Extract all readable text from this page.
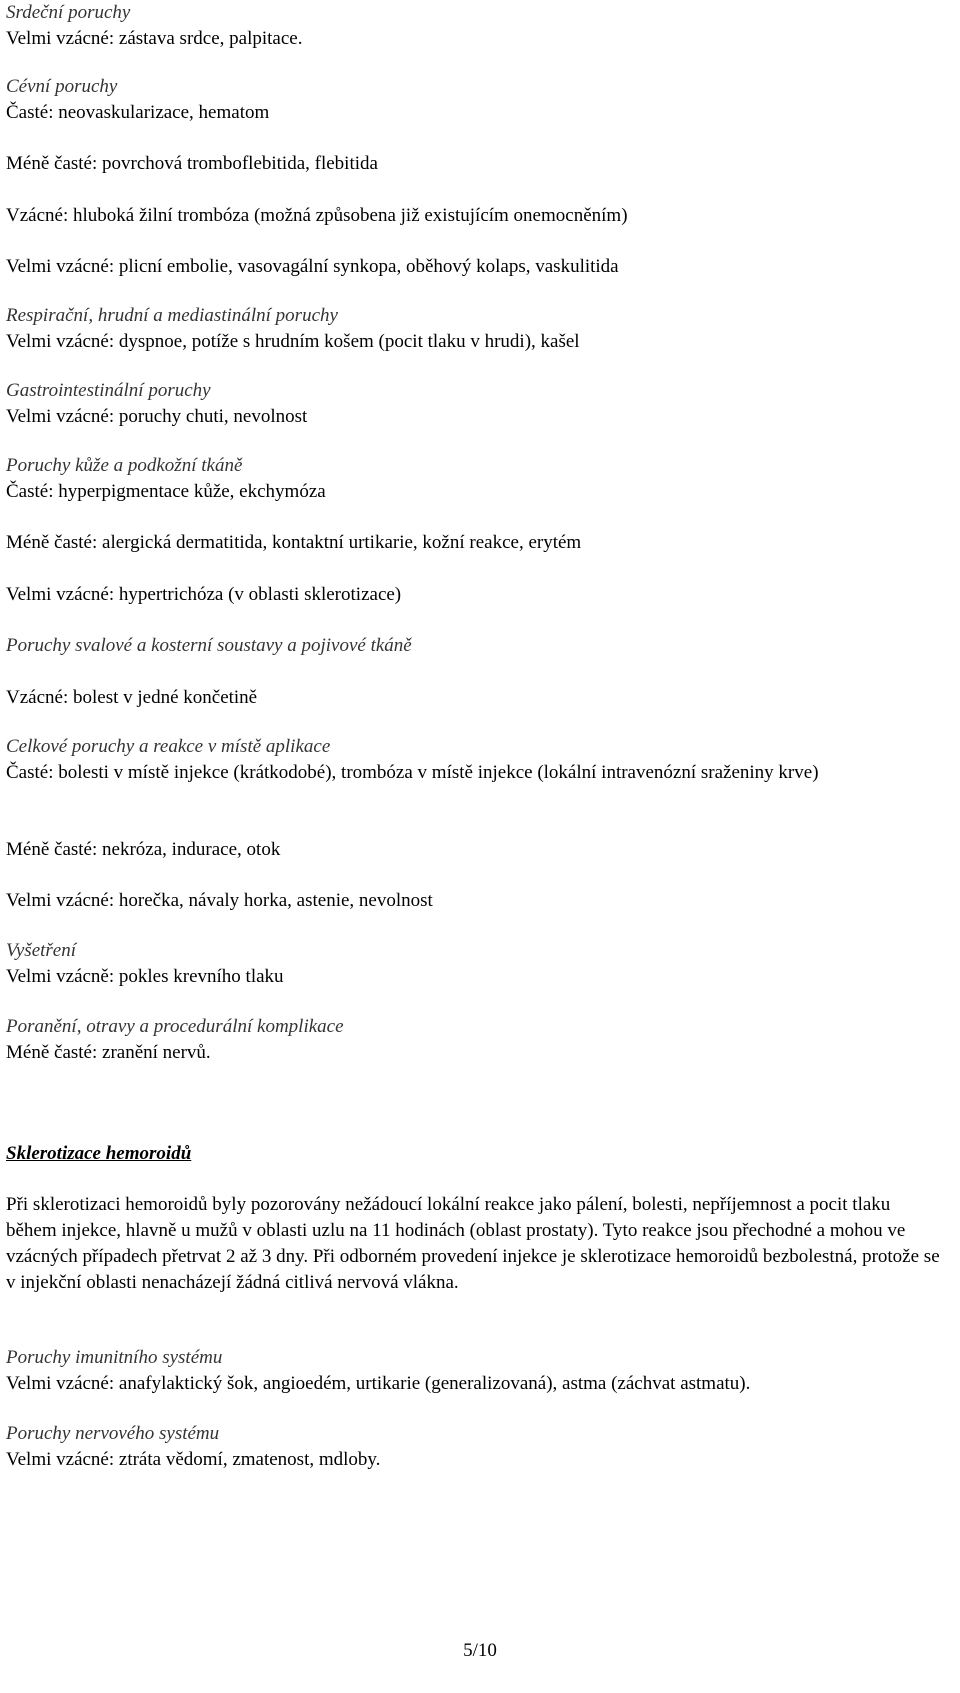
Srdeční poruchy
Velmi vzácné: zástava srdce, palpitace.
Cévní poruchy
Časté: neovaskularizace, hematom
Méně časté: povrchová tromboflebitida, flebitida
Vzácné: hluboká žilní trombóza (možná způsobena již existujícím onemocněním)
Velmi vzácné: plicní embolie, vasovagální synkopa, oběhový kolaps, vaskulitida
Respirační, hrudní a mediastinální poruchy
Velmi vzácné: dyspnoe, potíže s hrudním košem (pocit tlaku v hrudi), kašel
Gastrointestinální poruchy
Velmi vzácné: poruchy chuti, nevolnost
Poruchy kůže a podkožní tkáně
Časté: hyperpigmentace kůže, ekchymóza
Méně časté: alergická dermatitida, kontaktní urtikarie, kožní reakce, erytém
Velmi vzácné: hypertrichóza (v oblasti sklerotizace)
Poruchy svalové a kosterní soustavy a pojivové tkáně
Vzácné: bolest v jedné končetině
Celkové poruchy a reakce v místě aplikace
Časté: bolesti v místě injekce (krátkodobé), trombóza v místě injekce (lokální intravenózní sraženiny krve)
Méně časté: nekróza, indurace, otok
Velmi vzácné: horečka, návaly horka, astenie, nevolnost
Vyšetření
Velmi vzácně: pokles krevního tlaku
Poranění, otravy a procedurální komplikace
Méně časté: zranění nervů.
Sklerotizace hemoroidů

Při sklerotizaci hemoroidů byly pozorovány nežádoucí lokální reakce jako pálení, bolesti, nepříjemnost a pocit tlaku během injekce, hlavně u mužů v oblasti uzlu na 11 hodinách (oblast prostaty). Tyto reakce jsou přechodné a mohou ve vzácných případech přetrvat 2 až 3 dny. Při odborném provedení injekce je sklerotizace hemoroidů bezbolestná, protože se v injekční oblasti nenacházejí žádná citlivá nervová vlákna.

Poruchy imunitního systému
Velmi vzácné: anafylaktický šok, angioedém, urtikarie (generalizovaná), astma (záchvat astmatu).
Poruchy nervového systému
Velmi vzácné: ztráta vědomí, zmatenost, mdloby.
5/10
